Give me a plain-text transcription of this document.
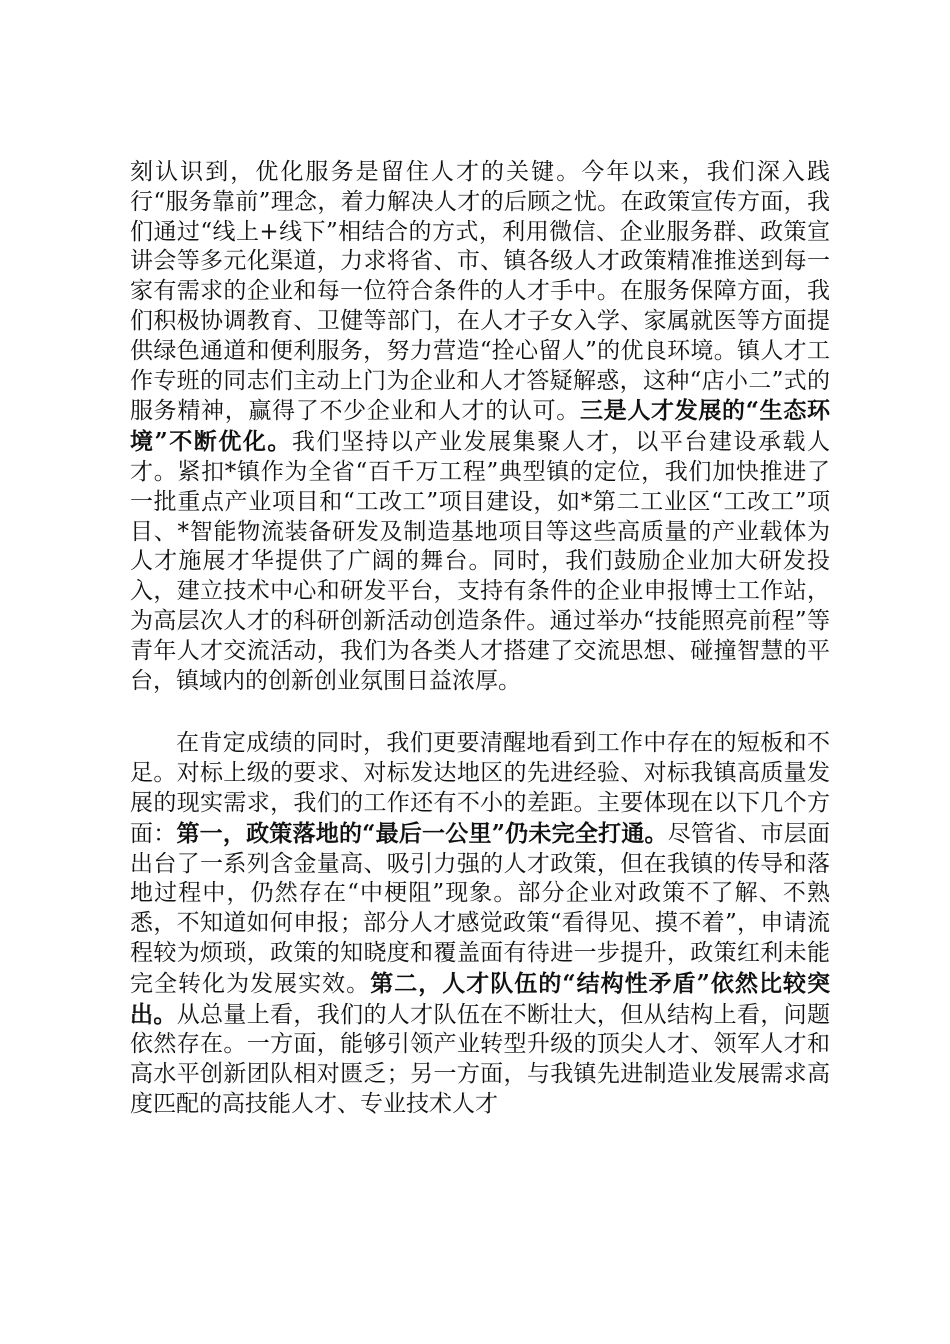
刻认识到，优化服务是留住人才的关键。今年以来，我们深入践行“服务靠前”理念，着力解决人才的后顾之忧。在政策宣传方面，我们通过“线上+线下”相结合的方式，利用微信、企业服务群、政策宣讲会等多元化渠道，力求将省、市、镇各级人才政策精准推送到每一家有需求的企业和每一位符合条件的人才手中。在服务保障方面，我们积极协调教育、卫健等部门，在人才子女入学、家属就医等方面提供绿色通道和便利服务，努力营造“拴心留人”的优良环境。镇人才工作专班的同志们主动上门为企业和人才答疑解惑，这种“店小二”式的服务精神，赢得了不少企业和人才的认可。三是人才发展的“生态环境”不断优化。我们坚持以产业发展集聚人才，以平台建设承载人才。紧扣*镇作为全省“百千万工程”典型镇的定位，我们加快推进了一批重点产业项目和“工改工”项目建设，如*第二工业区“工改工”项目、*智能物流装备研发及制造基地项目等这些高质量的产业载体为人才施展才华提供了广阔的舞台。同时，我们鼓励企业加大研发投入，建立技术中心和研发平台，支持有条件的企业申报博士工作站，为高层次人才的科研创新活动创造条件。通过举办“技能照亮前程”等青年人才交流活动，我们为各类人才搭建了交流思想、碰撞智慧的平台，镇域内的创新创业氛围日益浓厚。

在肯定成绩的同时，我们更要清醒地看到工作中存在的短板和不足。对标上级的要求、对标发达地区的先进经验、对标我镇高质量发展的现实需求，我们的工作还有不小的差距。主要体现在以下几个方面：第一，政策落地的“最后一公里”仍未完全打通。尽管省、市层面出台了一系列含金量高、吸引力强的人才政策，但在我镇的传导和落地过程中，仍然存在“中梗阻”现象。部分企业对政策不了解、不熟悉，不知道如何申报；部分人才感觉政策“看得见、摸不着”，申请流程较为烦琐，政策的知晓度和覆盖面有待进一步提升，政策红利未能完全转化为发展实效。第二，人才队伍的“结构性矛盾”依然比较突出。从总量上看，我们的人才队伍在不断壮大，但从结构上看，问题依然存在。一方面，能够引领产业转型升级的顶尖人才、领军人才和高水平创新团队相对匮乏；另一方面，与我镇先进制造业发展需求高度匹配的高技能人才、专业技术人才
